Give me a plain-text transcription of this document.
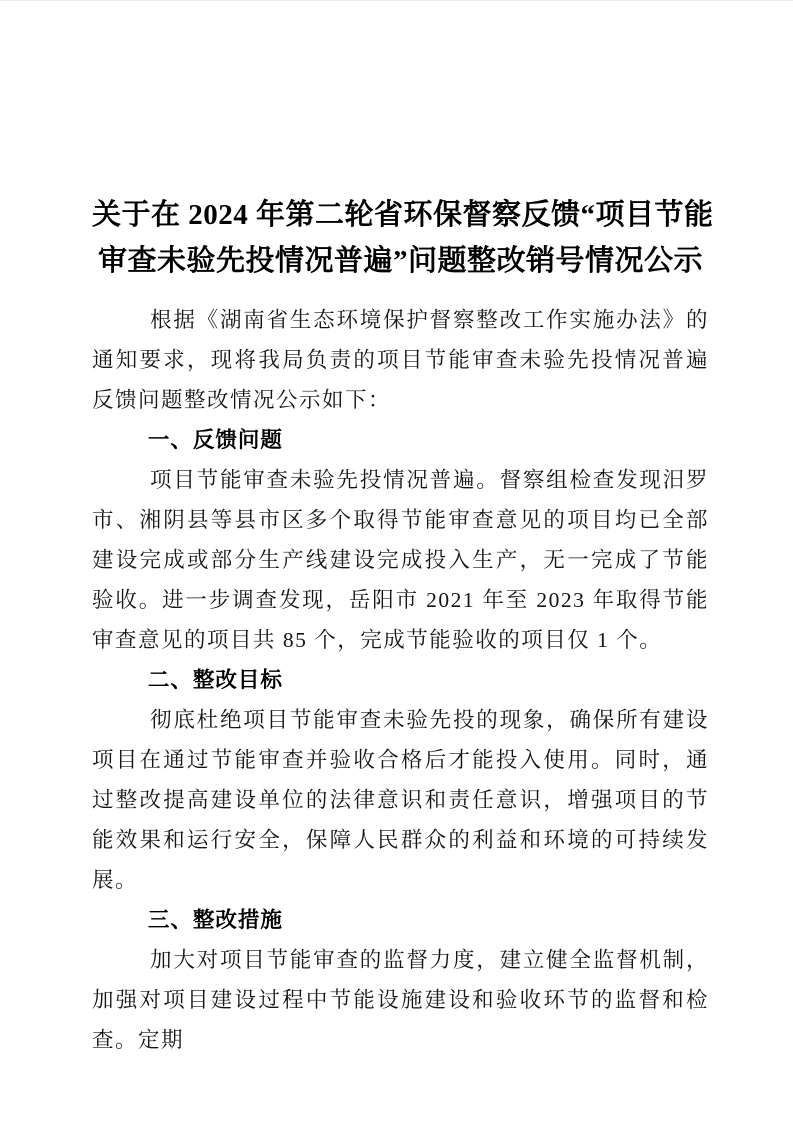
关于在 2024 年第二轮省环保督察反馈“项目节能
审查未验先投情况普遍”问题整改销号情况公示

根据《湖南省生态环境保护督察整改工作实施办法》的通知要求，现将我局负责的项目节能审查未验先投情况普遍反馈问题整改情况公示如下：

一、反馈问题

项目节能审查未验先投情况普遍。督察组检查发现汨罗市、湘阴县等县市区多个取得节能审查意见的项目均已全部建设完成或部分生产线建设完成投入生产，无一完成了节能验收。进一步调查发现，岳阳市 2021 年至 2023 年取得节能审查意见的项目共 85 个，完成节能验收的项目仅 1 个。

二、整改目标

彻底杜绝项目节能审查未验先投的现象，确保所有建设项目在通过节能审查并验收合格后才能投入使用。同时，通过整改提高建设单位的法律意识和责任意识，增强项目的节能效果和运行安全，保障人民群众的利益和环境的可持续发展。

三、整改措施

加大对项目节能审查的监督力度，建立健全监督机制，加强对项目建设过程中节能设施建设和验收环节的监督和检查。定期
